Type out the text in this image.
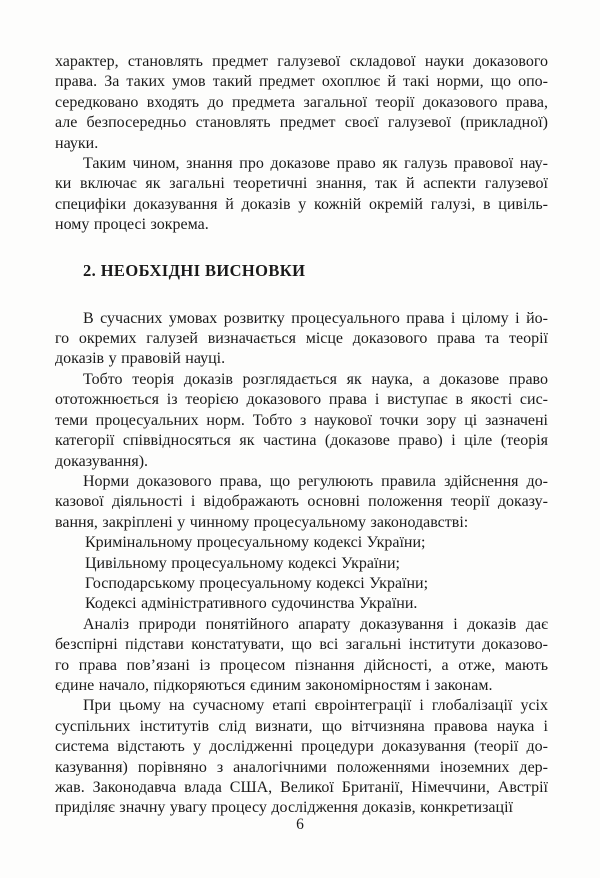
характер, становлять предмет галузевої складової науки доказового
права. За таких умов такий предмет охоплює й такі норми, що опо-
середковано входять до предмета загальної теорії доказового права,
але безпосередньо становлять предмет своєї галузевої (прикладної)
науки.
Таким чином, знання про доказове право як галузь правової нау-
ки включає як загальні теоретичні знання, так й аспекти галузевої
специфіки доказування й доказів у кожній окремій галузі, в цивіль-
ному процесі зокрема.
2. НЕОБХІДНІ ВИСНОВКИ
В сучасних умовах розвитку процесуального права і цілому і йо-
го окремих галузей визначається місце доказового права та теорії
доказів у правовій науці.
Тобто теорія доказів розглядається як наука, а доказове право
ототожнюється із теорією доказового права і виступає в якості сис-
теми процесуальних норм. Тобто з наукової точки зору ці зазначені
категорії співвідносяться як частина (доказове право) і ціле (теорія
доказування).
Норми доказового права, що регулюють правила здійснення до-
казової діяльності і відображають основні положення теорії доказу-
вання, закріплені у чинному процесуальному законодавстві:
Кримінальному процесуальному кодексі України;
Цивільному процесуальному кодексі України;
Господарському процесуальному кодексі України;
Кодексі адміністративного судочинства України.
Аналіз природи понятійного апарату доказування і доказів дає
безспірні підстави констатувати, що всі загальні інститути доказово-
го права пов’язані із процесом пізнання дійсності, а отже, мають
єдине начало, підкоряються єдиним закономірностям і законам.
При цьому на сучасному етапі євроінтеграції і глобалізації усіх
суспільних інститутів слід визнати, що вітчизняна правова наука і
система відстають у дослідженні процедури доказування (теорії до-
казування) порівняно з аналогічними положеннями іноземних дер-
жав. Законодавча влада США, Великої Британії, Німеччини, Австрії
приділяє значну увагу процесу дослідження доказів, конкретизації
6
